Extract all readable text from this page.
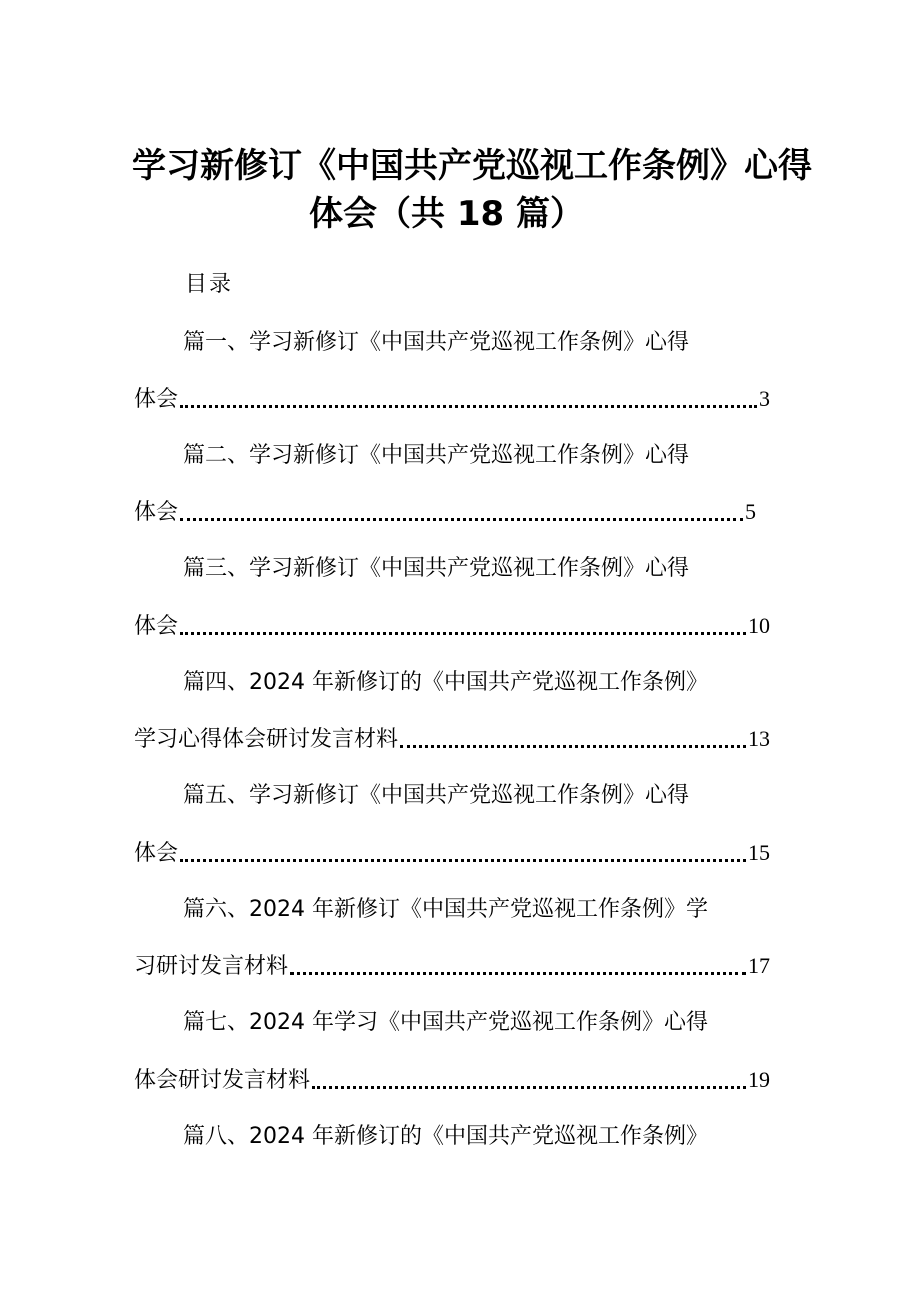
学习新修订《中国共产党巡视工作条例》心得
体会（共 18 篇）
目录
篇一、学习新修订《中国共产党巡视工作条例》心得
体会	3
篇二、学习新修订《中国共产党巡视工作条例》心得
体会	5
篇三、学习新修订《中国共产党巡视工作条例》心得
体会	10
篇四、2024 年新修订的《中国共产党巡视工作条例》
学习心得体会研讨发言材料	13
篇五、学习新修订《中国共产党巡视工作条例》心得
体会	15
篇六、2024 年新修订《中国共产党巡视工作条例》学
习研讨发言材料	17
篇七、2024 年学习《中国共产党巡视工作条例》心得
体会研讨发言材料	19
篇八、2024 年新修订的《中国共产党巡视工作条例》
